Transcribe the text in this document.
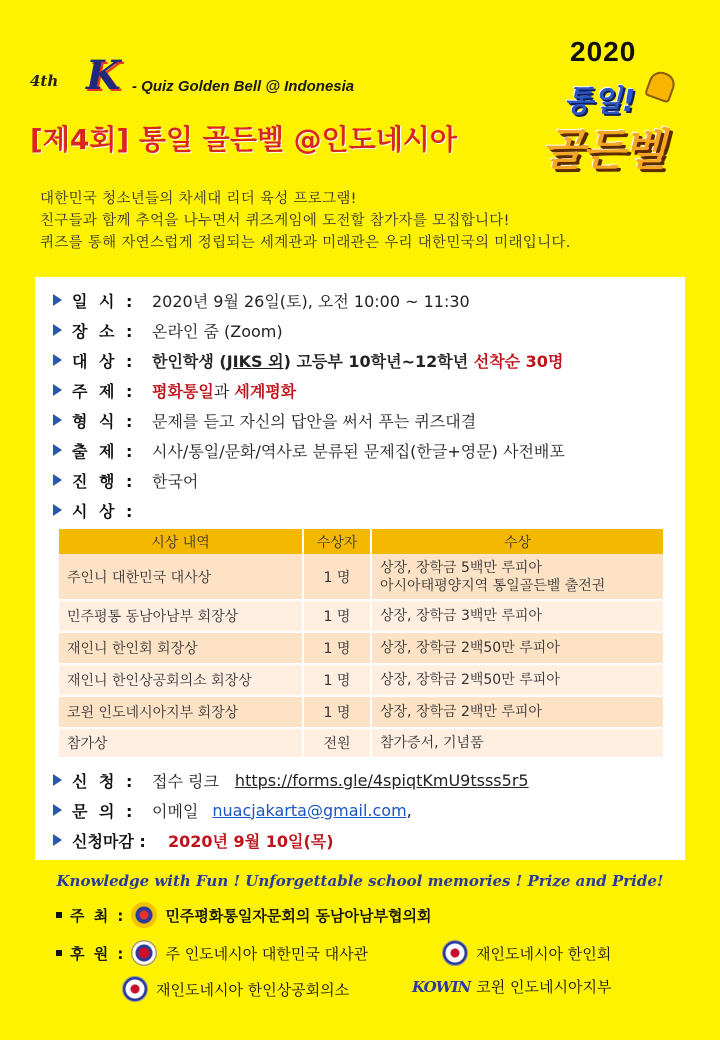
4th K - Quiz Golden Bell @ Indonesia
2020
통일!
골든벨
[제4회] 통일 골든벨 @인도네시아
대한민국 청소년들의 차세대 리더 육성 프로그램!
친구들과 함께 추억을 나누면서 퀴즈게임에 도전할 참가자를 모집합니다!
퀴즈를 통해 자연스럽게 정립되는 세계관과 미래관은 우리 대한민국의 미래입니다.
일 시 :	2020년 9월 26일(토), 오전 10:00 ~ 11:30
장 소 :	온라인 줌 (Zoom)
대 상 :	한인학생 (JIKS 외) 고등부 10학년~12학년 선착순 30명
주 제 :	평화통일과 세계평화
형 식 :	문제를 듣고 자신의 답안을 써서 푸는 퀴즈대결
출 제 :	시사/통일/문화/역사로 분류된 문제집(한글+영문) 사전배포
진 행 :	한국어
시 상 :
시상 내역	수상자	수상
주인니 대한민국 대사상	1 명	상장, 장학금 5백만 루피아
아시아태평양지역 통일골든벨 출전권

민주평통 동남아남부 회장상	1 명	상장, 장학금 3백만 루피아

재인니 한인회 회장상	1 명	상장, 장학금 2백50만 루피아

재인니 한인상공회의소 회장상	1 명	상장, 장학금 2백50만 루피아

코윈 인도네시아지부 회장상	1 명	상장, 장학금 2백만 루피아

참가상	전원	참가증서, 기념품
신 청 :	접수 링크 https://forms.gle/4spiqtKmU9tsss5r5
문 의 :	이메일 nuacjakarta@gmail.com ,
신청마감 :	2020년 9월 10일(목)
Knowledge with Fun ! Unforgettable school memories ! Prize and Pride!
주 최 :	민주평화통일자문회의 동남아남부협의회
후 원 :	주 인도네시아 대한민국 대사관	재인도네시아 한인회
재인도네시아 한인상공회의소	KOWIN 코윈 인도네시아지부
